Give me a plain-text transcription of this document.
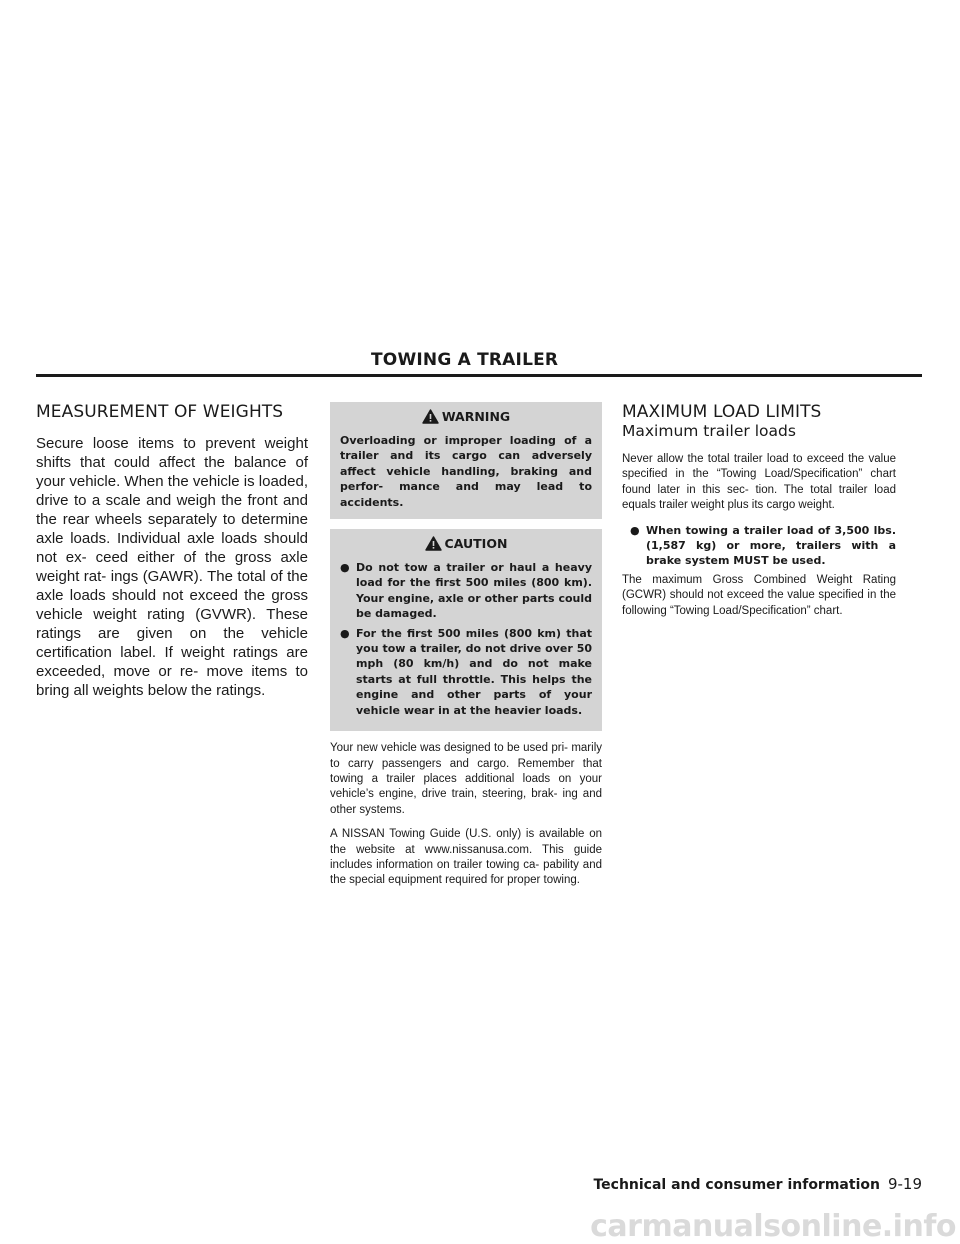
TOWING A TRAILER
MEASUREMENT OF WEIGHTS

Secure loose items to prevent weight shifts that could affect the balance of your vehicle. When the vehicle is loaded, drive to a scale and weigh the front and the rear wheels separately to determine axle loads. Individual axle loads should not ex- ceed either of the gross axle weight rat- ings (GAWR). The total of the axle loads should not exceed the gross vehicle weight rating (GVWR). These ratings are given on the vehicle certification label. If weight ratings are exceeded, move or re- move items to bring all weights below the ratings.

WARNING

Overloading or improper loading of a trailer and its cargo can adversely affect vehicle handling, braking and perfor- mance and may lead to accidents.

CAUTION
● Do not tow a trailer or haul a heavy load for the first 500 miles (800 km). Your engine, axle or other parts could be damaged.
● For the first 500 miles (800 km) that you tow a trailer, do not drive over 50 mph (80 km/h) and do not make starts at full throttle. This helps the engine and other parts of your vehicle wear in at the heavier loads.

Your new vehicle was designed to be used pri- marily to carry passengers and cargo. Remember that towing a trailer places additional loads on your vehicle’s engine, drive train, steering, brak- ing and other systems.

A NISSAN Towing Guide (U.S. only) is available on the website at www.nissanusa.com. This guide includes information on trailer towing ca- pability and the special equipment required for proper towing.

MAXIMUM LOAD LIMITS
Maximum trailer loads

Never allow the total trailer load to exceed the value specified in the “Towing Load/Specification” chart found later in this sec- tion. The total trailer load equals trailer weight plus its cargo weight.

● When towing a trailer load of 3,500 lbs. (1,587 kg) or more, trailers with a brake system MUST be used.

The maximum Gross Combined Weight Rating (GCWR) should not exceed the value specified in the following “Towing Load/Specification” chart.

Technical and consumer information 9-19
carmanualsonline.info
